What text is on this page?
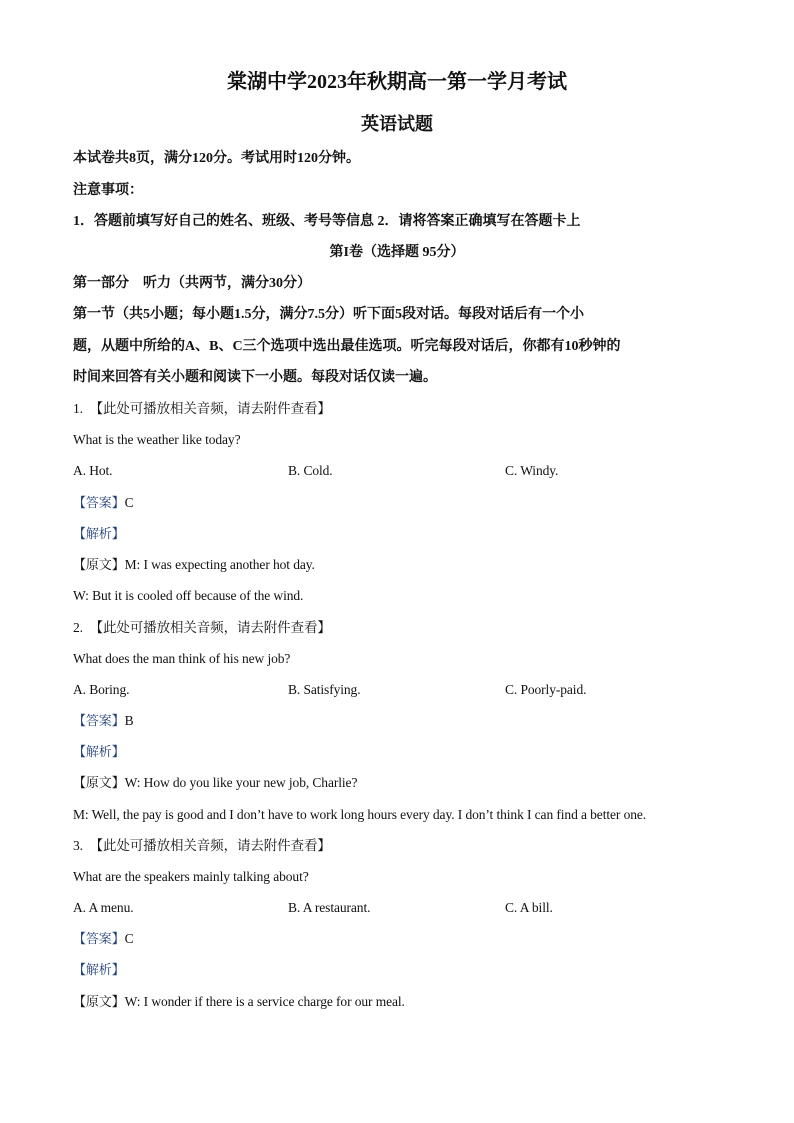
棠湖中学2023年秋期高一第一学月考试
英语试题
本试卷共8页，满分120分。考试用时120分钟。
注意事项：
1．答题前填写好自己的姓名、班级、考号等信息 2．请将答案正确填写在答题卡上
第I卷（选择题 95分）
第一部分　听力（共两节，满分30分）
第一节（共5小题；每小题1.5分，满分7.5分）听下面5段对话。每段对话后有一个小
题，从题中所给的A、B、C三个选项中选出最佳选项。听完每段对话后，你都有10秒钟的
时间来回答有关小题和阅读下一小题。每段对话仅读一遍。
1.　【此处可播放相关音频，请去附件查看】
What is the weather like today?
A. Hot.	B. Cold.	C. Windy.
【答案】C
【解析】
【原文】M: I was expecting another hot day.
W: But it is cooled off because of the wind.
2.　【此处可播放相关音频，请去附件查看】
What does the man think of his new job?
A. Boring.	B. Satisfying.	C. Poorly-paid.
【答案】B
【解析】
【原文】W: How do you like your new job, Charlie?
M: Well, the pay is good and I don’t have to work long hours every day. I don’t think I can find a better one.
3.　【此处可播放相关音频，请去附件查看】
What are the speakers mainly talking about?
A. A menu.	B. A restaurant.	C. A bill.
【答案】C
【解析】
【原文】W: I wonder if there is a service charge for our meal.
